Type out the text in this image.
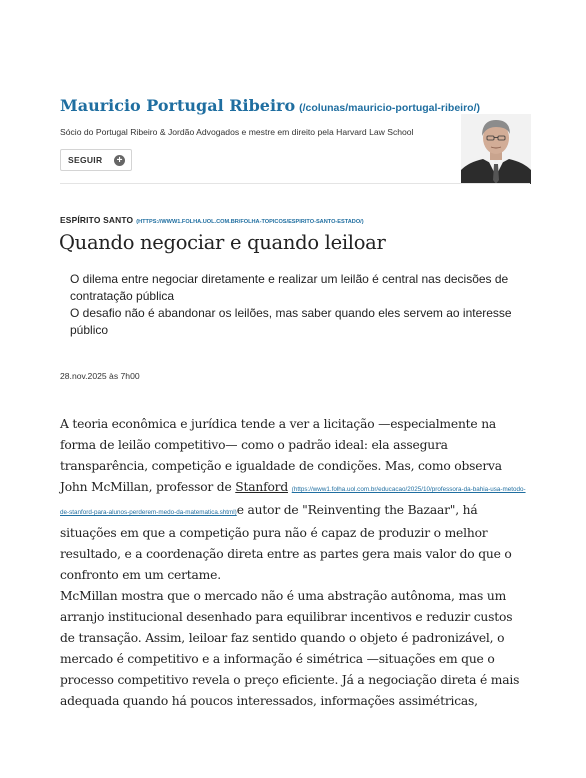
Mauricio Portugal Ribeiro (/colunas/mauricio-portugal-ribeiro/)
Sócio do Portugal Ribeiro & Jordão Advogados e mestre em direito pela Harvard Law School
SEGUIR +
ESPÍRITO SANTO (HTTPS://WWW1.FOLHA.UOL.COM.BR/FOLHA-TOPICOS/ESPIRITO-SANTO-ESTADO/)
Quando negociar e quando leiloar
O dilema entre negociar diretamente e realizar um leilão é central nas decisões de contratação pública
O desafio não é abandonar os leilões, mas saber quando eles servem ao interesse público
28.nov.2025 às 7h00

A teoria econômica e jurídica tende a ver a licitação —especialmente na forma de leilão competitivo— como o padrão ideal: ela assegura transparência, competição e igualdade de condições. Mas, como observa John McMillan, professor de Stanford (https://www1.folha.uol.com.br/educacao/2025/10/professora-da-bahia-usa-metodo-de-stanford-para-alunos-perderem-medo-da-matematica.shtml)e autor de "Reinventing the Bazaar", há situações em que a competição pura não é capaz de produzir o melhor resultado, e a coordenação direta entre as partes gera mais valor do que o confronto em um certame.

McMillan mostra que o mercado não é uma abstração autônoma, mas um arranjo institucional desenhado para equilibrar incentivos e reduzir custos de transação. Assim, leiloar faz sentido quando o objeto é padronizável, o mercado é competitivo e a informação é simétrica —situações em que o processo competitivo revela o preço eficiente. Já a negociação direta é mais adequada quando há poucos interessados, informações assimétricas,
